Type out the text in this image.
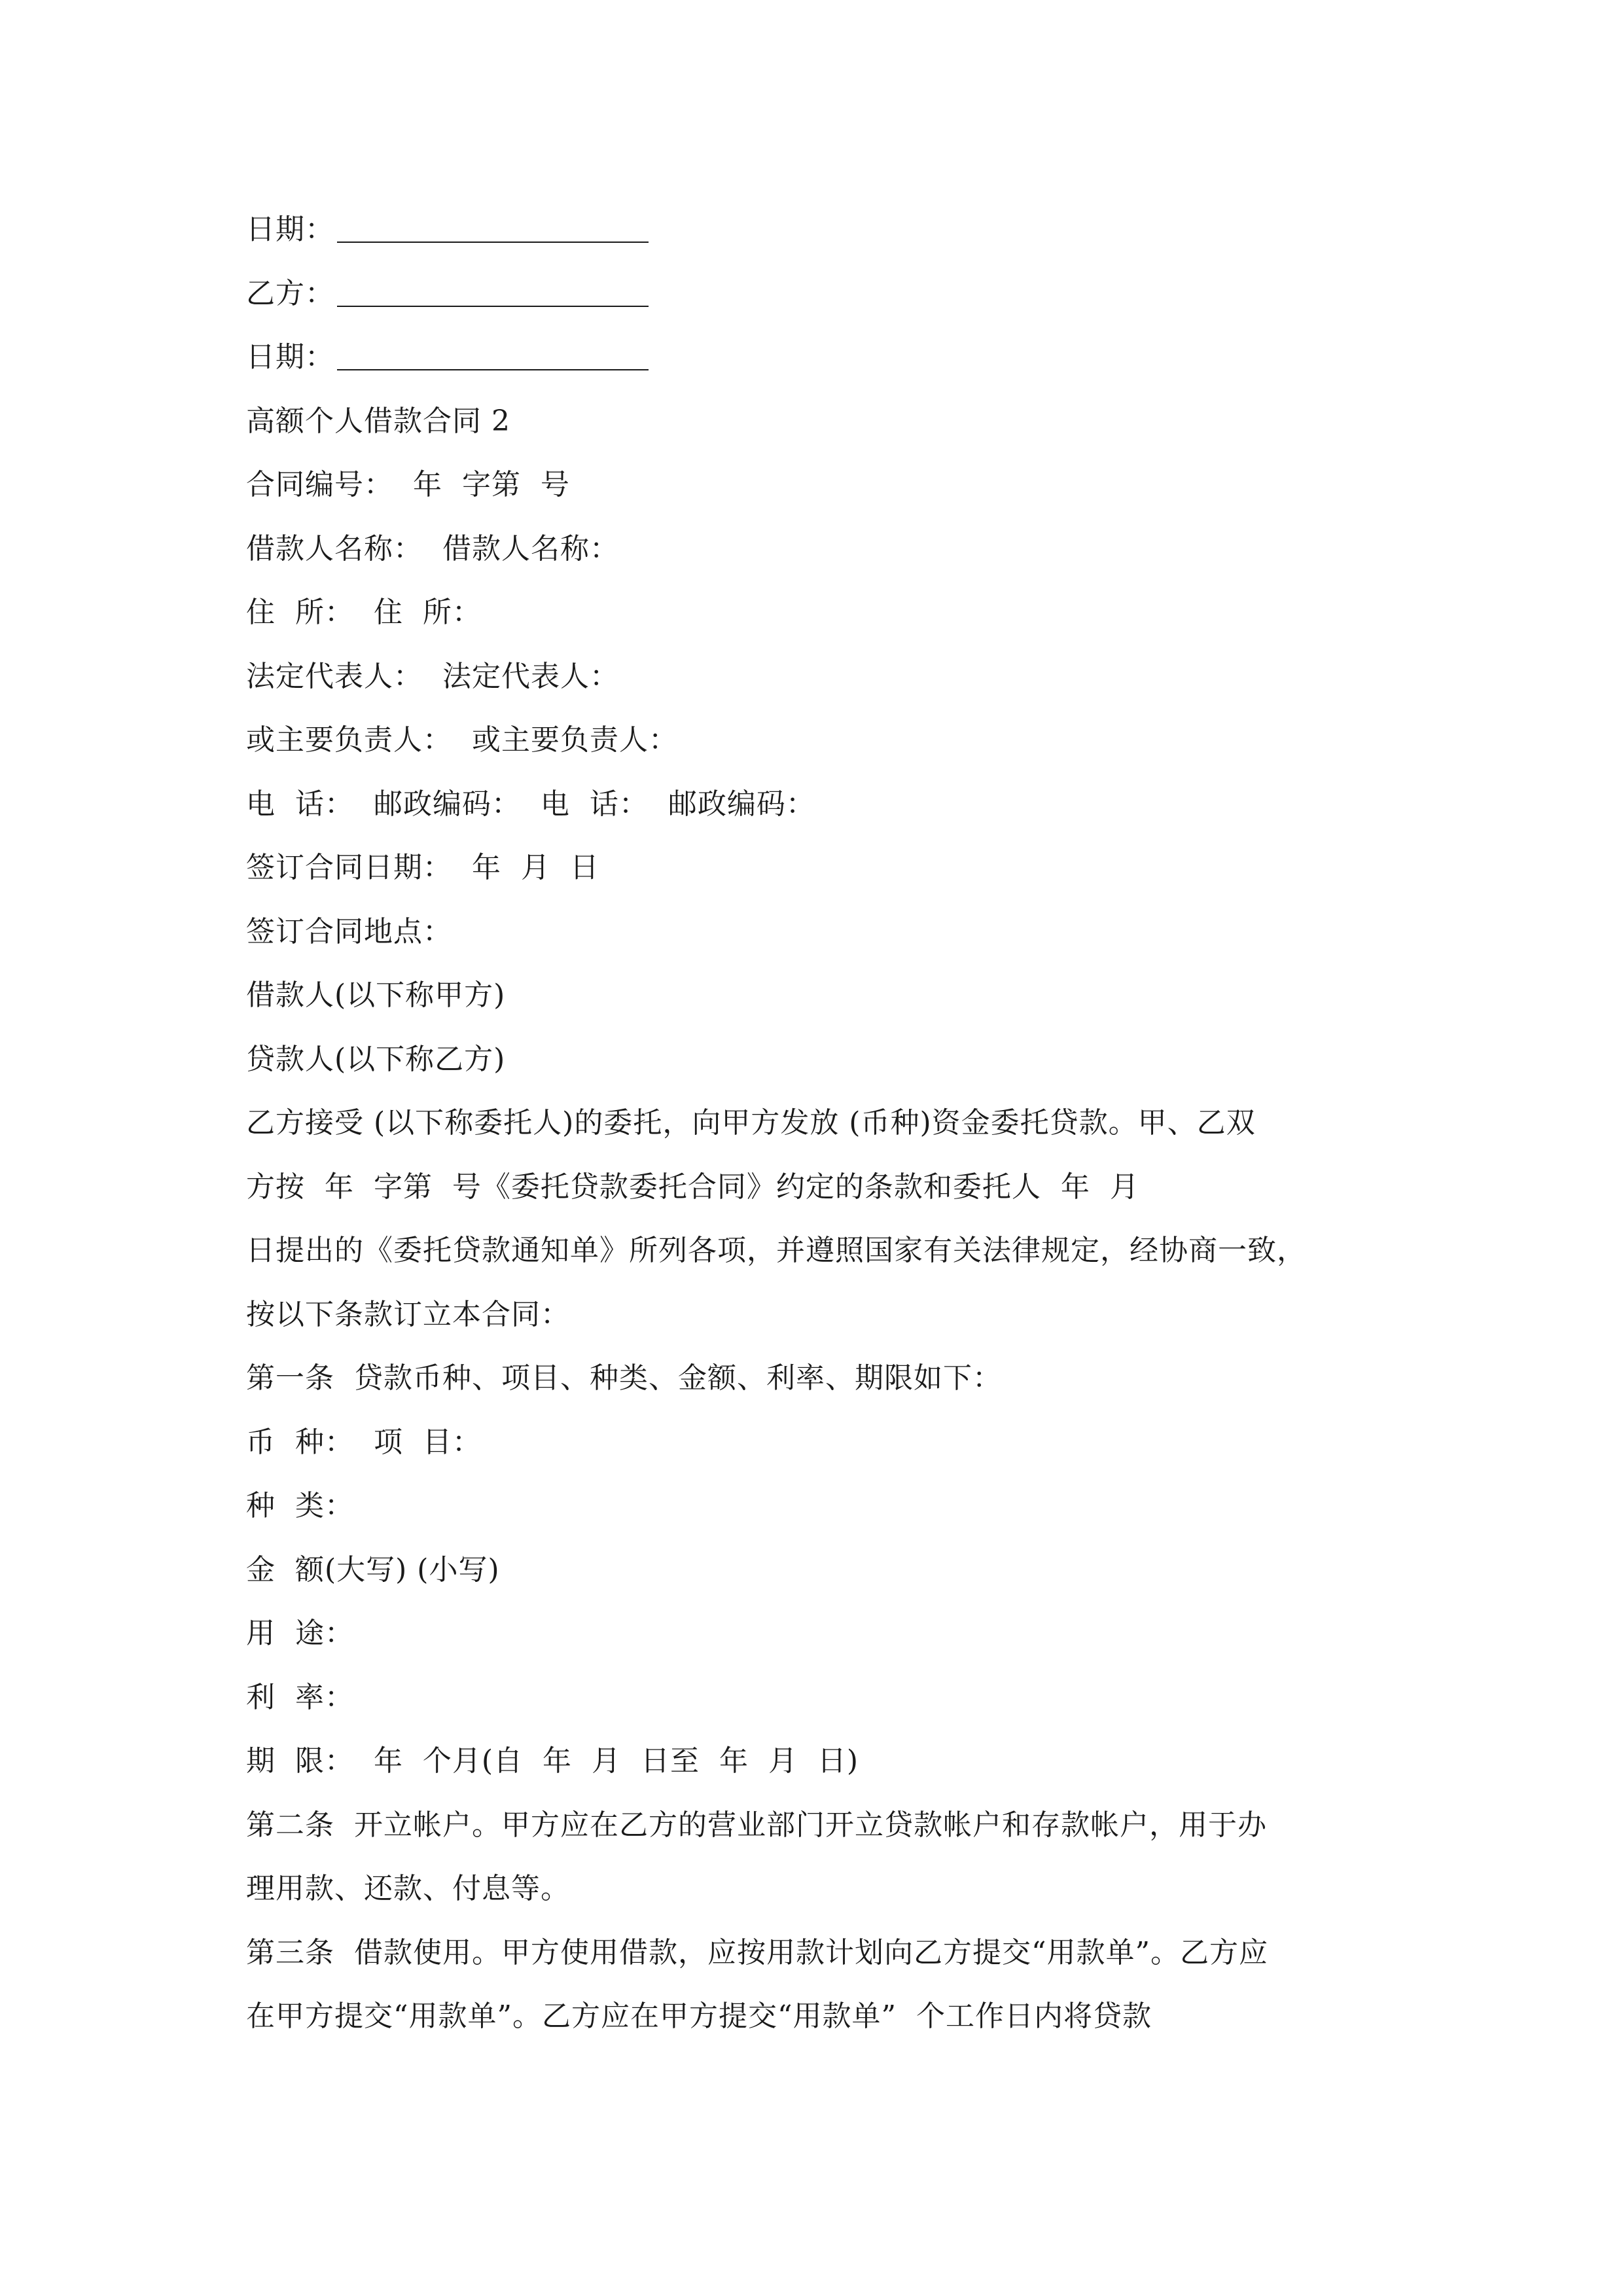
日期：
乙方：
日期：
高额个人借款合同 2
合同编号：  年  字第  号
借款人名称：  借款人名称：
住  所：  住  所：
法定代表人：  法定代表人：
或主要负责人：  或主要负责人：
电  话：  邮政编码：  电  话：  邮政编码：
签订合同日期：  年  月  日
签订合同地点：
借款人(以下称甲方)
贷款人(以下称乙方)
乙方接受 (以下称委托人)的委托，向甲方发放 (币种)资金委托贷款。甲、乙双
方按  年  字第  号《委托贷款委托合同》约定的条款和委托人  年  月
日提出的《委托贷款通知单》所列各项，并遵照国家有关法律规定，经协商一致，
按以下条款订立本合同：
第一条  贷款币种、项目、种类、金额、利率、期限如下：
币  种：  项  目：
种  类：
金  额(大写) (小写)
用  途：
利  率：
期  限：  年  个月(自  年  月  日至  年  月  日)
第二条  开立帐户。甲方应在乙方的营业部门开立贷款帐户和存款帐户，用于办
理用款、还款、付息等。
第三条  借款使用。甲方使用借款，应按用款计划向乙方提交“用款单”。乙方应
在甲方提交“用款单”。乙方应在甲方提交“用款单”  个工作日内将贷款
